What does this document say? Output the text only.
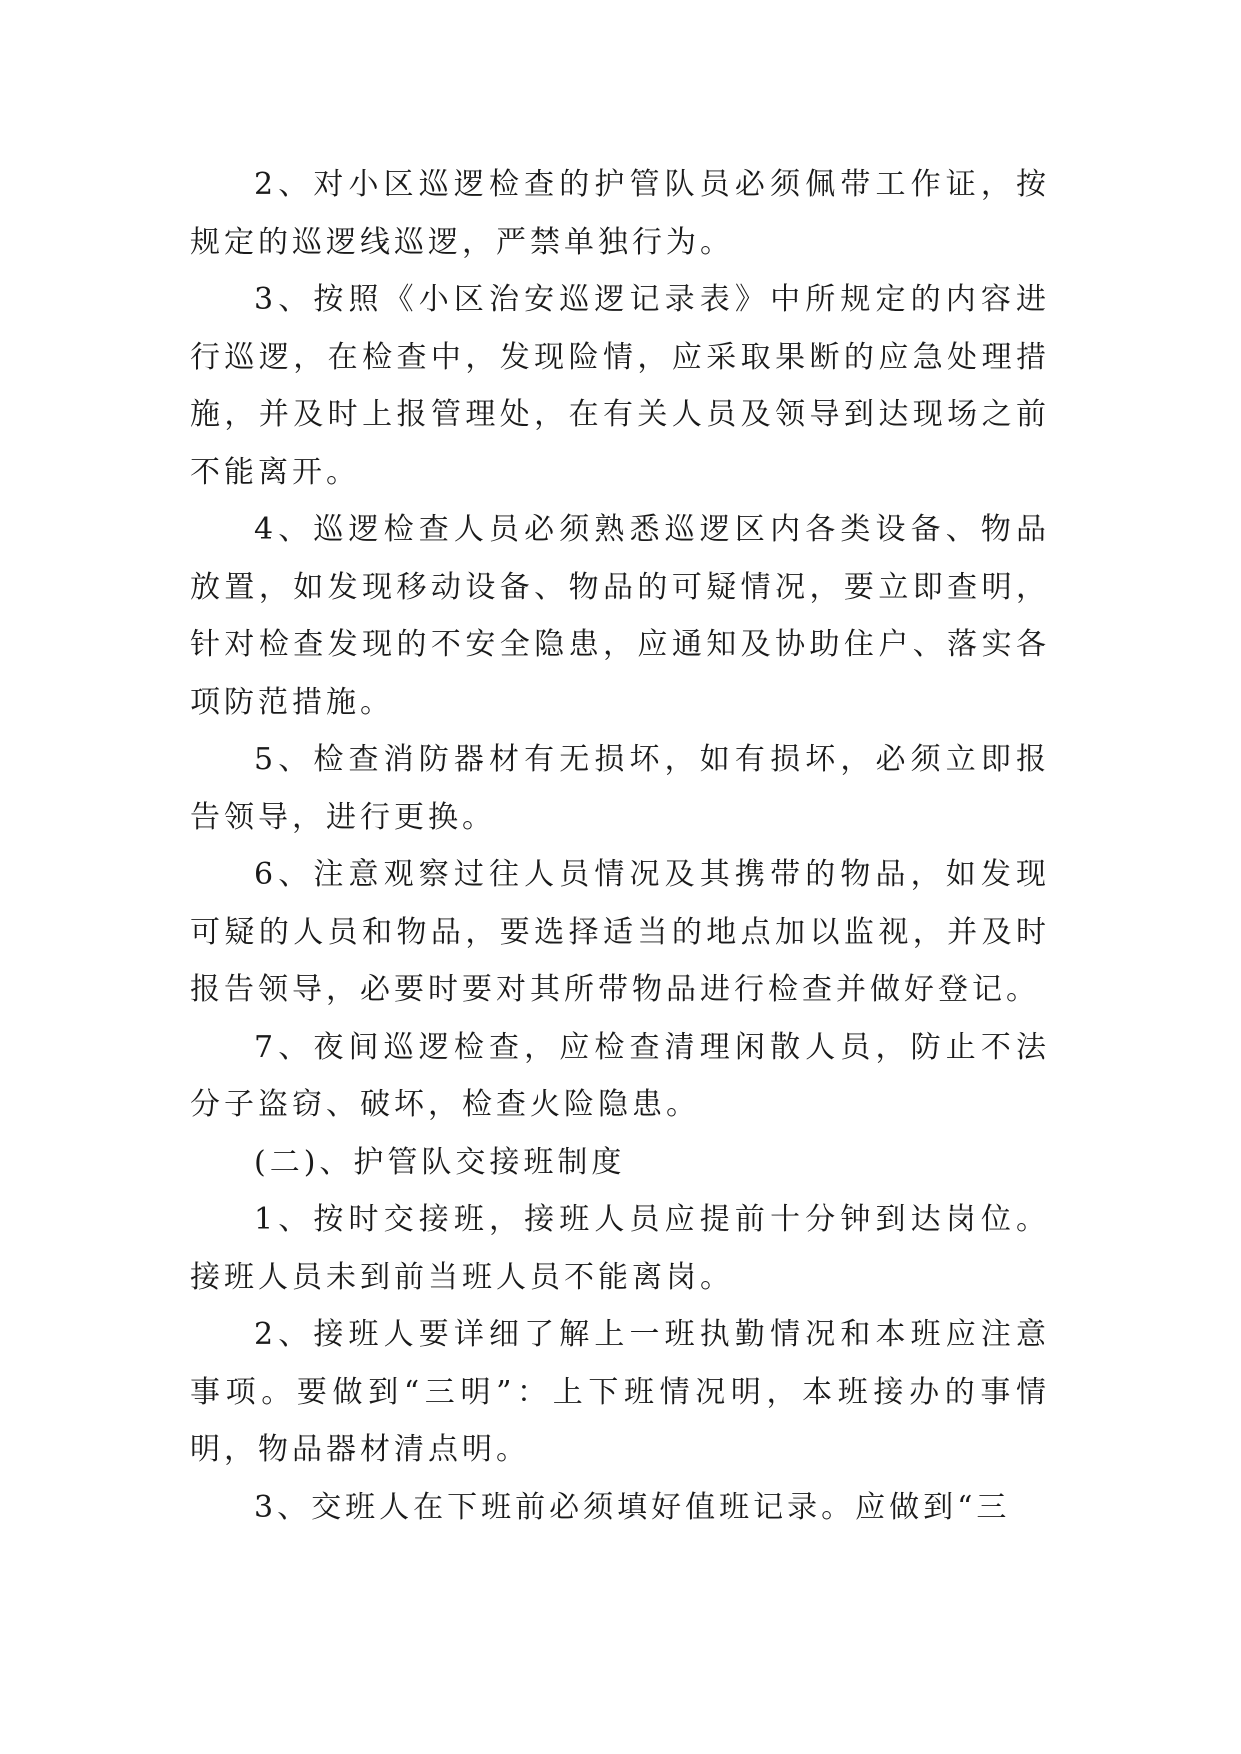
2、对小区巡逻检查的护管队员必须佩带工作证，按规定的巡逻线巡逻，严禁单独行为。

3、按照《小区治安巡逻记录表》中所规定的内容进行巡逻，在检查中，发现险情，应采取果断的应急处理措施，并及时上报管理处，在有关人员及领导到达现场之前不能离开。

4、巡逻检查人员必须熟悉巡逻区内各类设备、物品放置，如发现移动设备、物品的可疑情况，要立即查明，针对检查发现的不安全隐患，应通知及协助住户、落实各项防范措施。

5、检查消防器材有无损坏，如有损坏，必须立即报告领导，进行更换。

6、注意观察过往人员情况及其携带的物品，如发现可疑的人员和物品，要选择适当的地点加以监视，并及时报告领导，必要时要对其所带物品进行检查并做好登记。

7、夜间巡逻检查，应检查清理闲散人员，防止不法分子盗窃、破坏，检查火险隐患。

(二)、护管队交接班制度

1、按时交接班，接班人员应提前十分钟到达岗位。接班人员未到前当班人员不能离岗。

2、接班人要详细了解上一班执勤情况和本班应注意事项。要做到“三明”：上下班情况明，本班接办的事情明，物品器材清点明。

3、交班人在下班前必须填好值班记录。应做到“三
